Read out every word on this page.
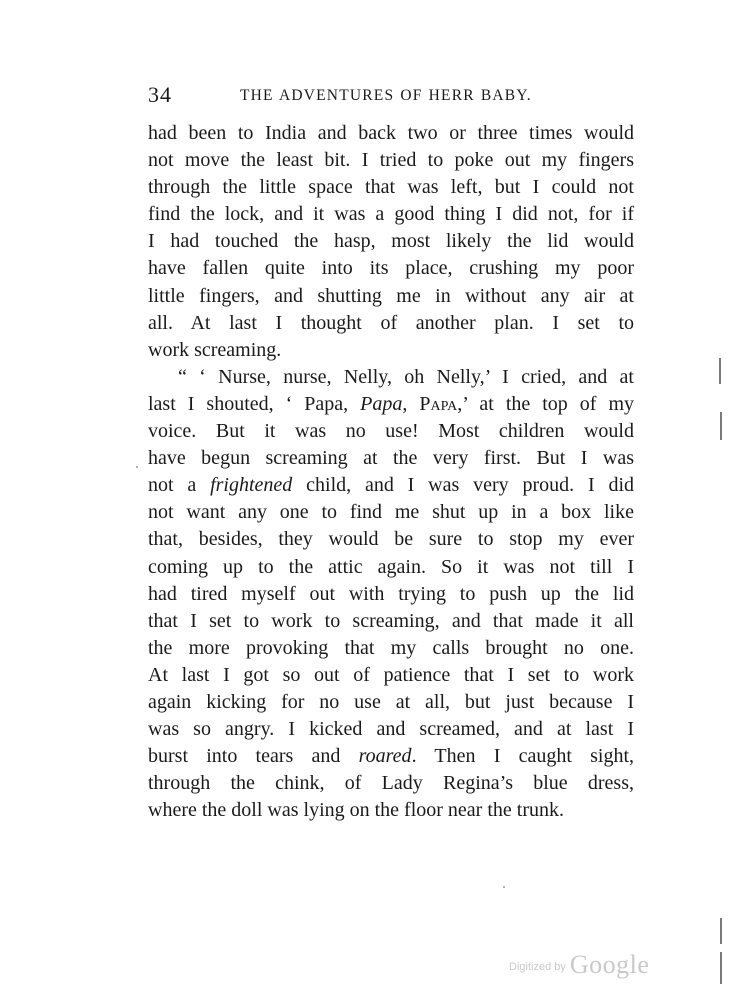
34	THE ADVENTURES OF HERR BABY.
had been to India and back two or three times would
not move the least bit. I tried to poke out my fingers
through the little space that was left, but I could not
find the lock, and it was a good thing I did not, for if
I had touched the hasp, most likely the lid would
have fallen quite into its place, crushing my poor
little fingers, and shutting me in without any air at
all. At last I thought of another plan. I set to
work screaming.
“ ‘ Nurse, nurse, Nelly, oh Nelly,’ I cried, and at
last I shouted, ‘ Papa, Papa, Papa,’ at the top of my
voice. But it was no use! Most children would
have begun screaming at the very first. But I was
not a frightened child, and I was very proud. I did
not want any one to find me shut up in a box like
that, besides, they would be sure to stop my ever
coming up to the attic again. So it was not till I
had tired myself out with trying to push up the lid
that I set to work to screaming, and that made it all
the more provoking that my calls brought no one.
At last I got so out of patience that I set to work
again kicking for no use at all, but just because I
was so angry. I kicked and screamed, and at last I
burst into tears and roared. Then I caught sight,
through the chink, of Lady Regina’s blue dress,
where the doll was lying on the floor near the trunk.
Digitized by Google
